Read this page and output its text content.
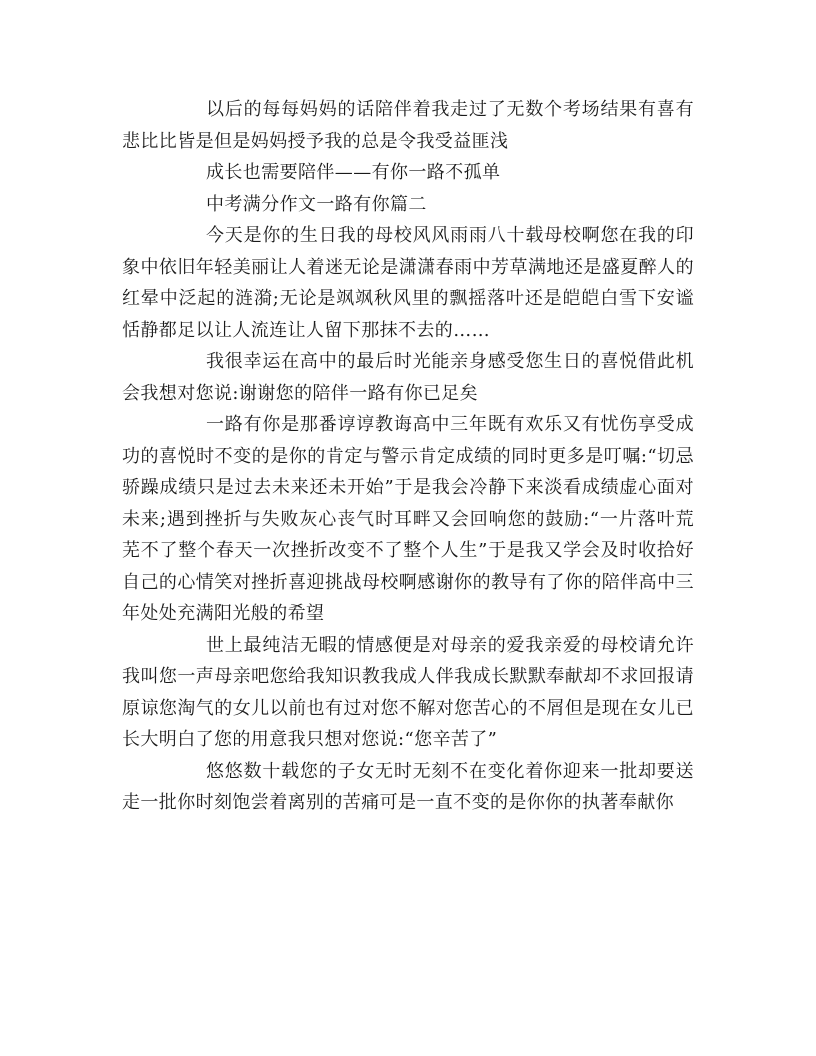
以后的每每妈妈的话陪伴着我走过了无数个考场结果有喜有悲比比皆是但是妈妈授予我的总是令我受益匪浅

成长也需要陪伴——有你一路不孤单

中考满分作文一路有你篇二

今天是你的生日我的母校风风雨雨八十载母校啊您在我的印象中依旧年轻美丽让人着迷无论是潇潇春雨中芳草满地还是盛夏醉人的红晕中泛起的涟漪;无论是飒飒秋风里的飘摇落叶还是皑皑白雪下安谧恬静都足以让人流连让人留下那抹不去的……

我很幸运在高中的最后时光能亲身感受您生日的喜悦借此机会我想对您说:谢谢您的陪伴一路有你已足矣

一路有你是那番谆谆教诲高中三年既有欢乐又有忧伤享受成功的喜悦时不变的是你的肯定与警示肯定成绩的同时更多是叮嘱:“切忌骄躁成绩只是过去未来还未开始”于是我会冷静下来淡看成绩虚心面对未来;遇到挫折与失败灰心丧气时耳畔又会回响您的鼓励:“一片落叶荒芜不了整个春天一次挫折改变不了整个人生”于是我又学会及时收拾好自己的心情笑对挫折喜迎挑战母校啊感谢你的教导有了你的陪伴高中三年处处充满阳光般的希望

世上最纯洁无暇的情感便是对母亲的爱我亲爱的母校请允许我叫您一声母亲吧您给我知识教我成人伴我成长默默奉献却不求回报请原谅您淘气的女儿以前也有过对您不解对您苦心的不屑但是现在女儿已长大明白了您的用意我只想对您说:“您辛苦了”

悠悠数十载您的子女无时无刻不在变化着你迎来一批却要送走一批你时刻饱尝着离别的苦痛可是一直不变的是你你的执著奉献你
